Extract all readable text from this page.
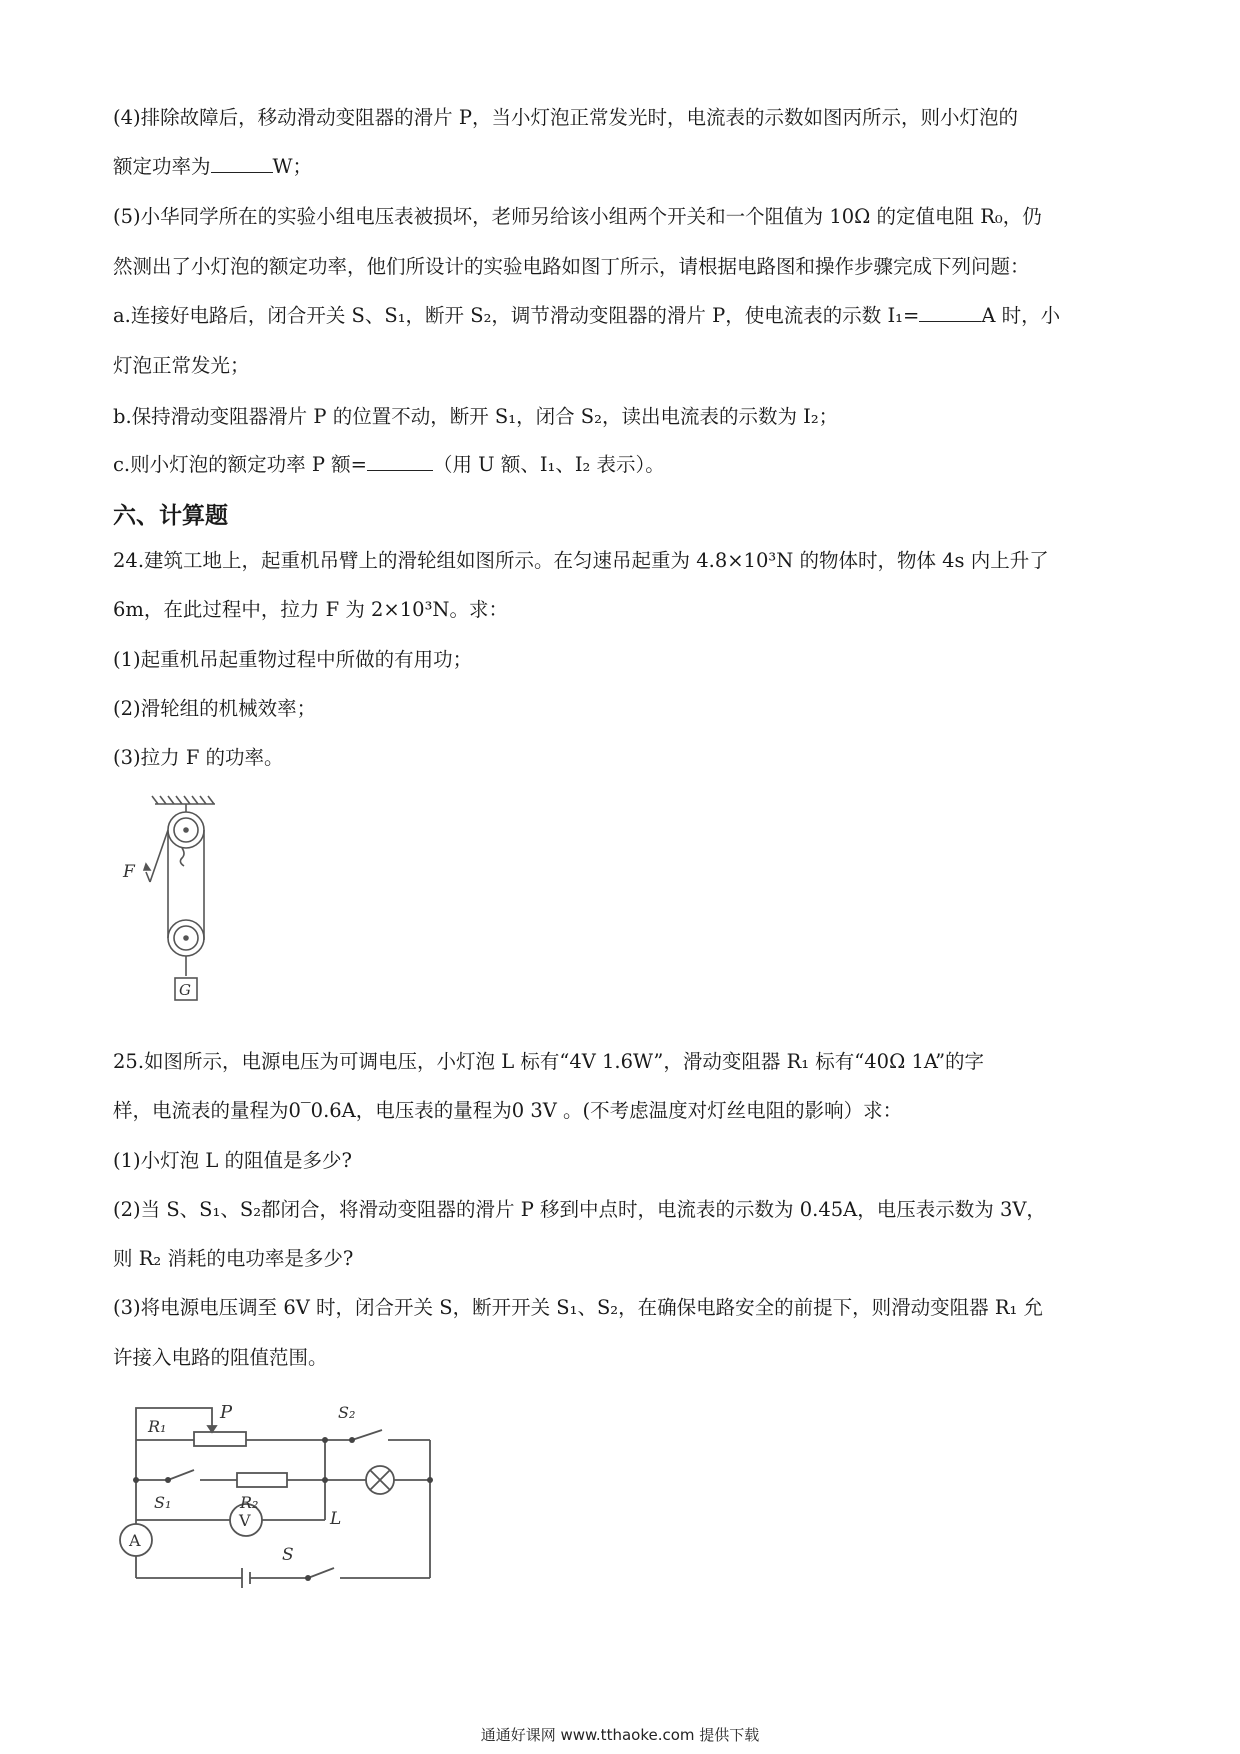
(4)排除故障后，移动滑动变阻器的滑片 P，当小灯泡正常发光时，电流表的示数如图丙所示，则小灯泡的
额定功率为	W；
(5)小华同学所在的实验小组电压表被损坏，老师另给该小组两个开关和一个阻值为 10Ω 的定值电阻 R₀，仍
然测出了小灯泡的额定功率，他们所设计的实验电路如图丁所示，请根据电路图和操作步骤完成下列问题：
a.连接好电路后，闭合开关 S、S₁，断开 S₂，调节滑动变阻器的滑片 P，使电流表的示数 I₁=	A 时，小
灯泡正常发光；
b.保持滑动变阻器滑片 P 的位置不动，断开 S₁，闭合 S₂，读出电流表的示数为 I₂；
c.则小灯泡的额定功率 P 额=	（用 U 额、I₁、I₂ 表示）。
六、计算题
24.建筑工地上，起重机吊臂上的滑轮组如图所示。在匀速吊起重为 4.8×10³N 的物体时，物体 4s 内上升了
6m，在此过程中，拉力 F 为 2×10³N。求：
(1)起重机吊起重物过程中所做的有用功；
(2)滑轮组的机械效率；
(3)拉力 F 的功率。
F
G
25.如图所示，电源电压为可调电压，小灯泡 L 标有“4V 1.6W”，滑动变阻器 R₁ 标有“40Ω 1A”的字
样，电流表的量程为0‾0.6A，电压表的量程为0 3V 。(不考虑温度对灯丝电阻的影响）求：
(1)小灯泡 L 的阻值是多少?
(2)当 S、S₁、S₂都闭合，将滑动变阻器的滑片 P 移到中点时，电流表的示数为 0.45A，电压表示数为 3V，
则 R₂ 消耗的电功率是多少?
(3)将电源电压调至 6V 时，闭合开关 S，断开开关 S₁、S₂，在确保电路安全的前提下，则滑动变阻器 R₁ 允
许接入电路的阻值范围。
P
R₁
S₂
S₁	R₂
V	L
A
S
通通好课网 www.tthaoke.com 提供下载
